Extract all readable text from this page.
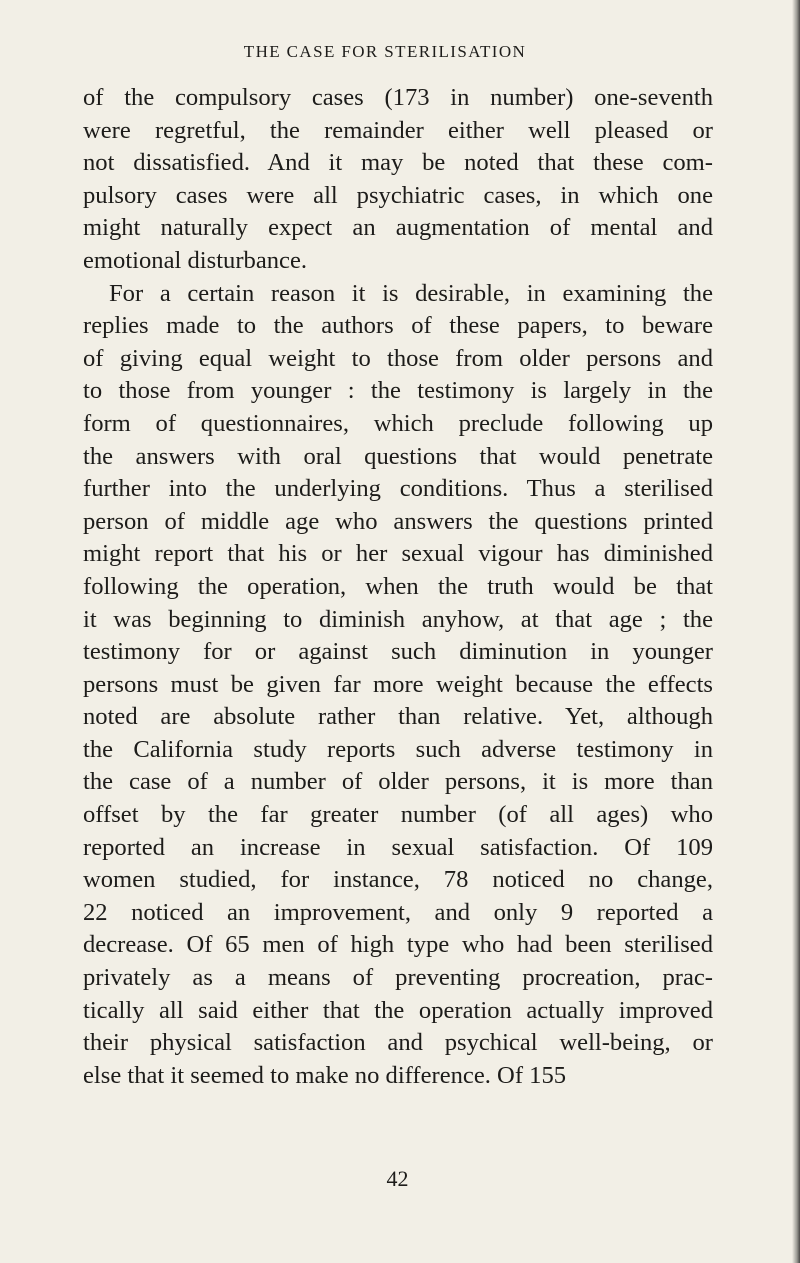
THE CASE FOR STERILISATION
of the compulsory cases (173 in number) one-seventh
were regretful, the remainder either well pleased or
not dissatisfied. And it may be noted that these com-
pulsory cases were all psychiatric cases, in which one
might naturally expect an augmentation of mental and
emotional disturbance.
For a certain reason it is desirable, in examining the
replies made to the authors of these papers, to beware
of giving equal weight to those from older persons and
to those from younger : the testimony is largely in the
form of questionnaires, which preclude following up
the answers with oral questions that would penetrate
further into the underlying conditions. Thus a sterilised
person of middle age who answers the questions printed
might report that his or her sexual vigour has diminished
following the operation, when the truth would be that
it was beginning to diminish anyhow, at that age ; the
testimony for or against such diminution in younger
persons must be given far more weight because the effects
noted are absolute rather than relative. Yet, although
the California study reports such adverse testimony in
the case of a number of older persons, it is more than
offset by the far greater number (of all ages) who
reported an increase in sexual satisfaction. Of 109
women studied, for instance, 78 noticed no change,
22 noticed an improvement, and only 9 reported a
decrease. Of 65 men of high type who had been sterilised
privately as a means of preventing procreation, prac-
tically all said either that the operation actually improved
their physical satisfaction and psychical well-being, or
else that it seemed to make no difference. Of 155
42
